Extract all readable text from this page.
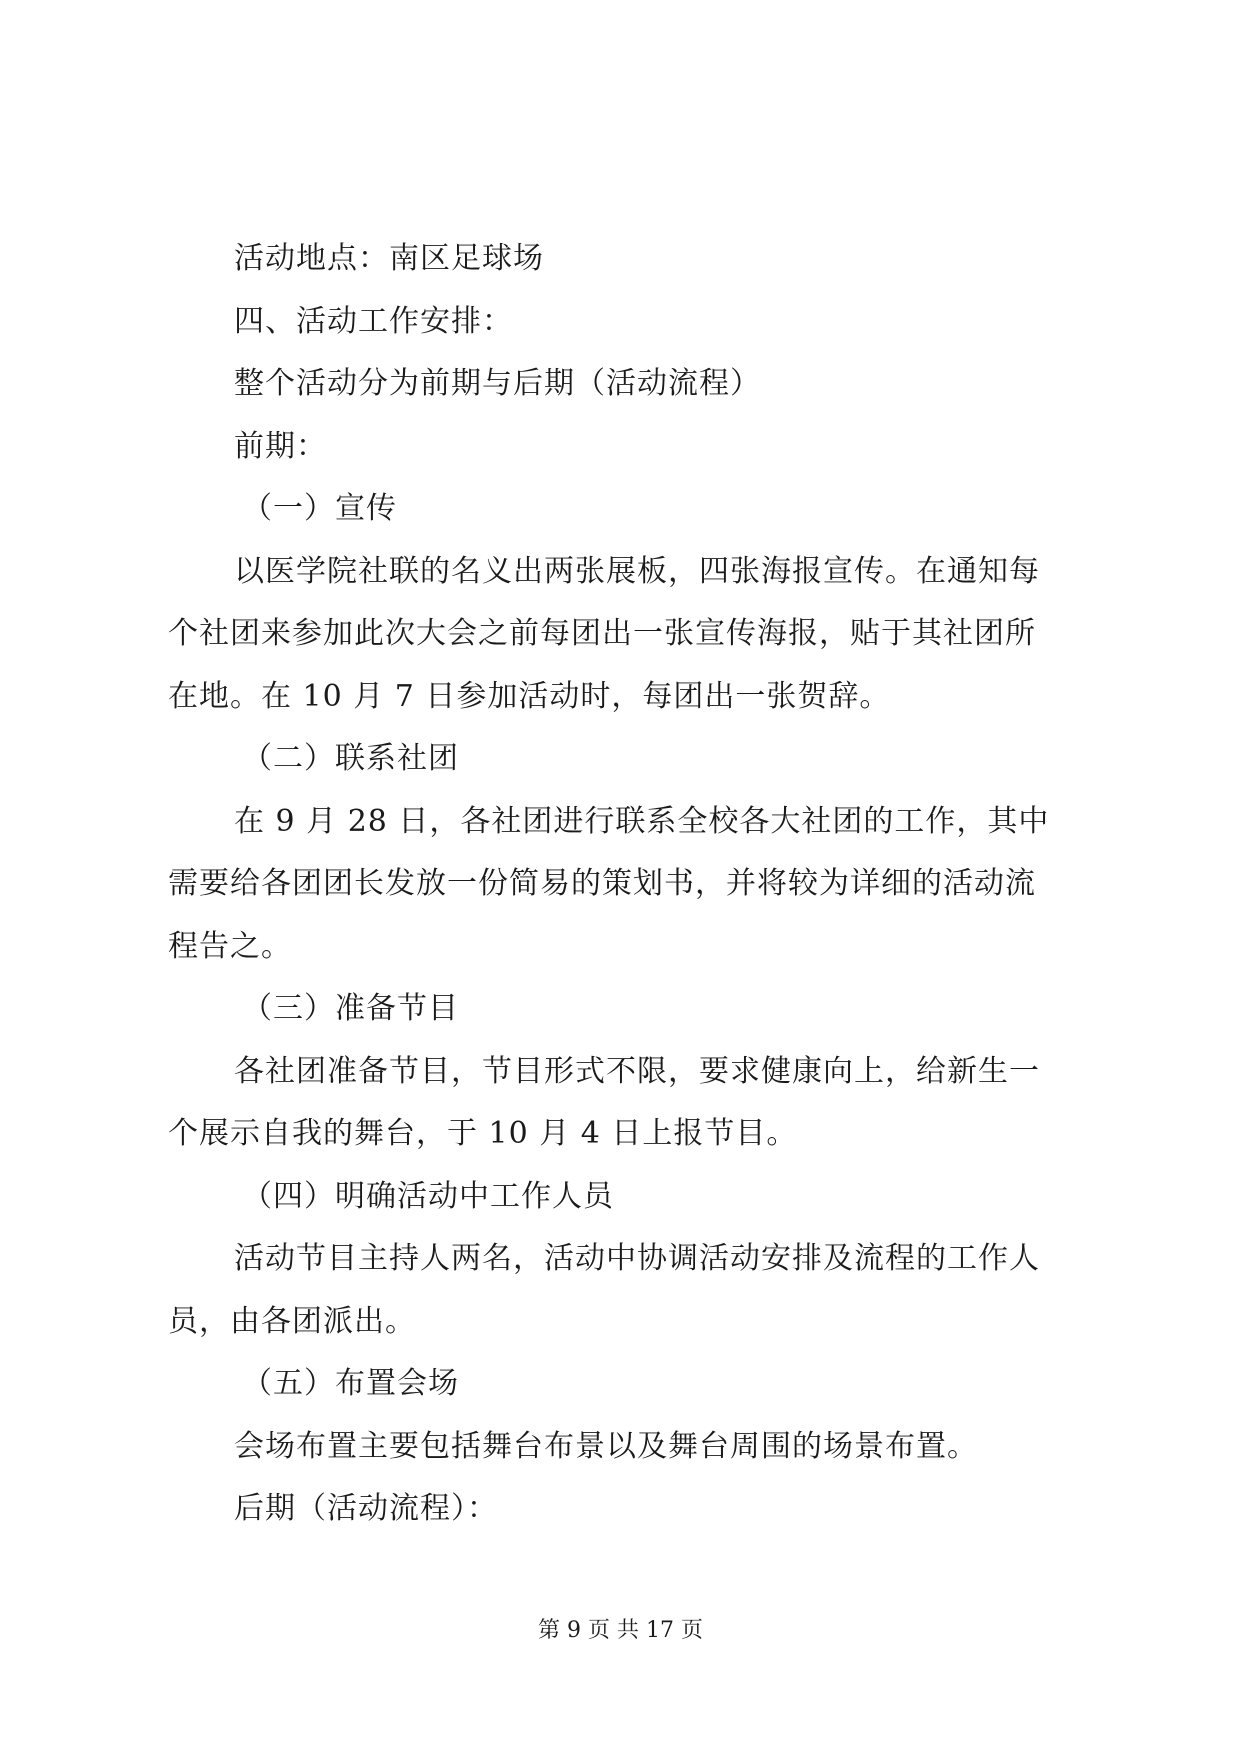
活动地点：南区足球场
四、活动工作安排：
整个活动分为前期与后期（活动流程）
前期：
（一）宣传
以医学院社联的名义出两张展板，四张海报宣传。在通知每
个社团来参加此次大会之前每团出一张宣传海报，贴于其社团所
在地。在 10 月 7 日参加活动时，每团出一张贺辞。
（二）联系社团
在 9 月 28 日，各社团进行联系全校各大社团的工作，其中
需要给各团团长发放一份简易的策划书，并将较为详细的活动流
程告之。
（三）准备节目
各社团准备节目，节目形式不限，要求健康向上，给新生一
个展示自我的舞台，于 10 月 4 日上报节目。
（四）明确活动中工作人员
活动节目主持人两名，活动中协调活动安排及流程的工作人
员，由各团派出。
（五）布置会场
会场布置主要包括舞台布景以及舞台周围的场景布置。
后期（活动流程）：
第 9 页 共 17 页
